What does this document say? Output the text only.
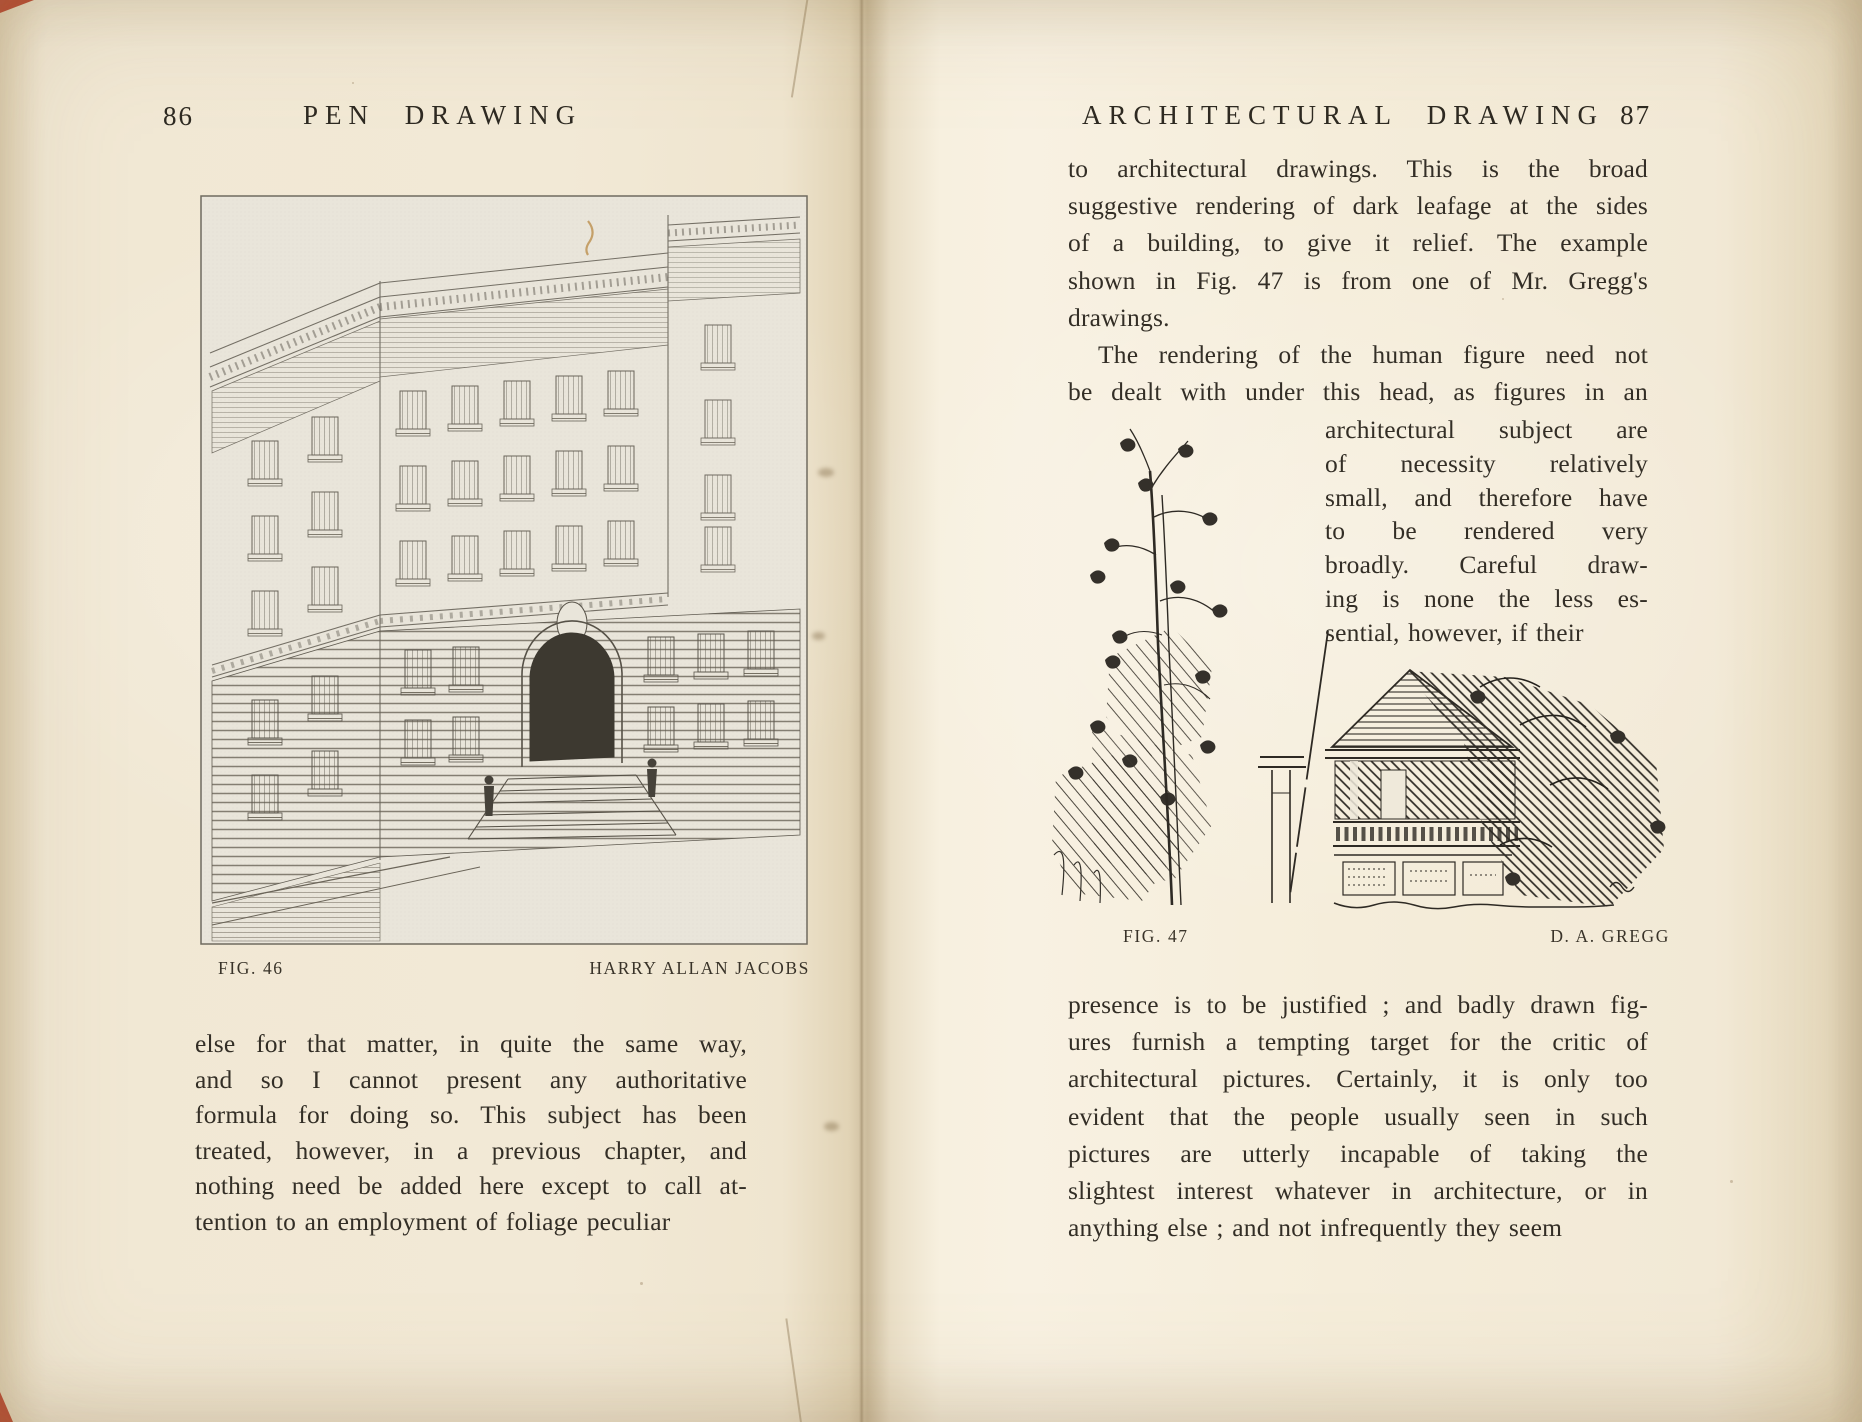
86	PEN DRAWING
FIG. 46	HARRY ALLAN JACOBS
else for that matter, in quite the same way,
and so I cannot present any authoritative
formula for doing so. This subject has been
treated, however, in a previous chapter, and
nothing need be added here except to call at-
tention to an employment of foliage peculiar
ARCHITECTURAL DRAWING 87
to architectural drawings. This is the broad
suggestive rendering of dark leafage at the sides
of a building, to give it relief. The example
shown in Fig. 47 is from one of Mr. Gregg's
drawings.
The rendering of the human figure need not
be dealt with under this head, as figures in an
architectural subject are
of necessity relatively
small, and therefore have
to be rendered very
broadly. Careful draw-
ing is none the less es-
sential, however, if their
FIG. 47	D. A. GREGG
presence is to be justified ; and badly drawn fig-
ures furnish a tempting target for the critic of
architectural pictures. Certainly, it is only too
evident that the people usually seen in such
pictures are utterly incapable of taking the
slightest interest whatever in architecture, or in
anything else ; and not infrequently they seem
